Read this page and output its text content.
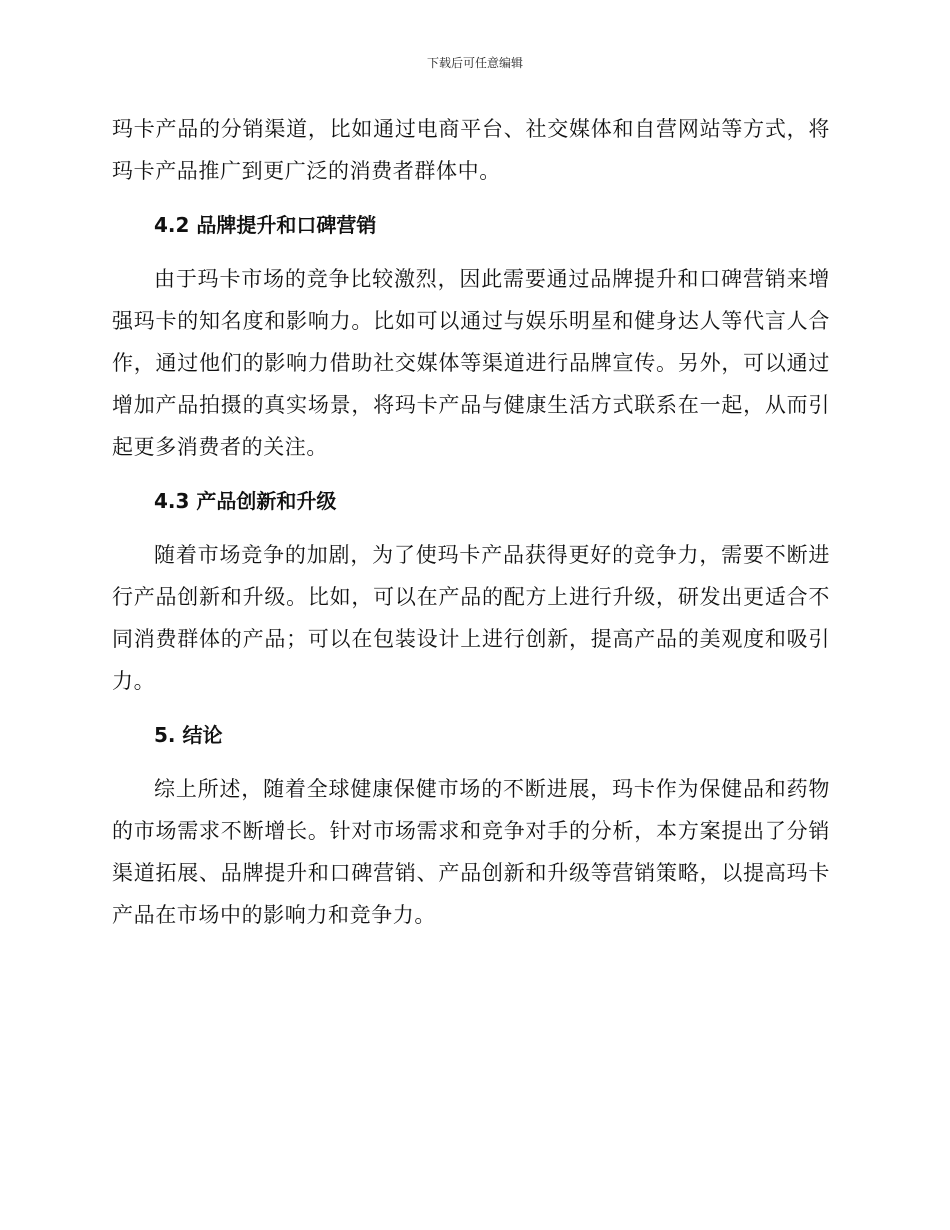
下载后可任意编辑

玛卡产品的分销渠道，比如通过电商平台、社交媒体和自营网站等方式，将玛卡产品推广到更广泛的消费者群体中。

4.2 品牌提升和口碑营销

由于玛卡市场的竞争比较激烈，因此需要通过品牌提升和口碑营销来增强玛卡的知名度和影响力。比如可以通过与娱乐明星和健身达人等代言人合作，通过他们的影响力借助社交媒体等渠道进行品牌宣传。另外，可以通过增加产品拍摄的真实场景，将玛卡产品与健康生活方式联系在一起，从而引起更多消费者的关注。

4.3 产品创新和升级

随着市场竞争的加剧，为了使玛卡产品获得更好的竞争力，需要不断进行产品创新和升级。比如，可以在产品的配方上进行升级，研发出更适合不同消费群体的产品；可以在包装设计上进行创新，提高产品的美观度和吸引力。

5. 结论

综上所述，随着全球健康保健市场的不断进展，玛卡作为保健品和药物的市场需求不断增长。针对市场需求和竞争对手的分析，本方案提出了分销渠道拓展、品牌提升和口碑营销、产品创新和升级等营销策略，以提高玛卡产品在市场中的影响力和竞争力。
